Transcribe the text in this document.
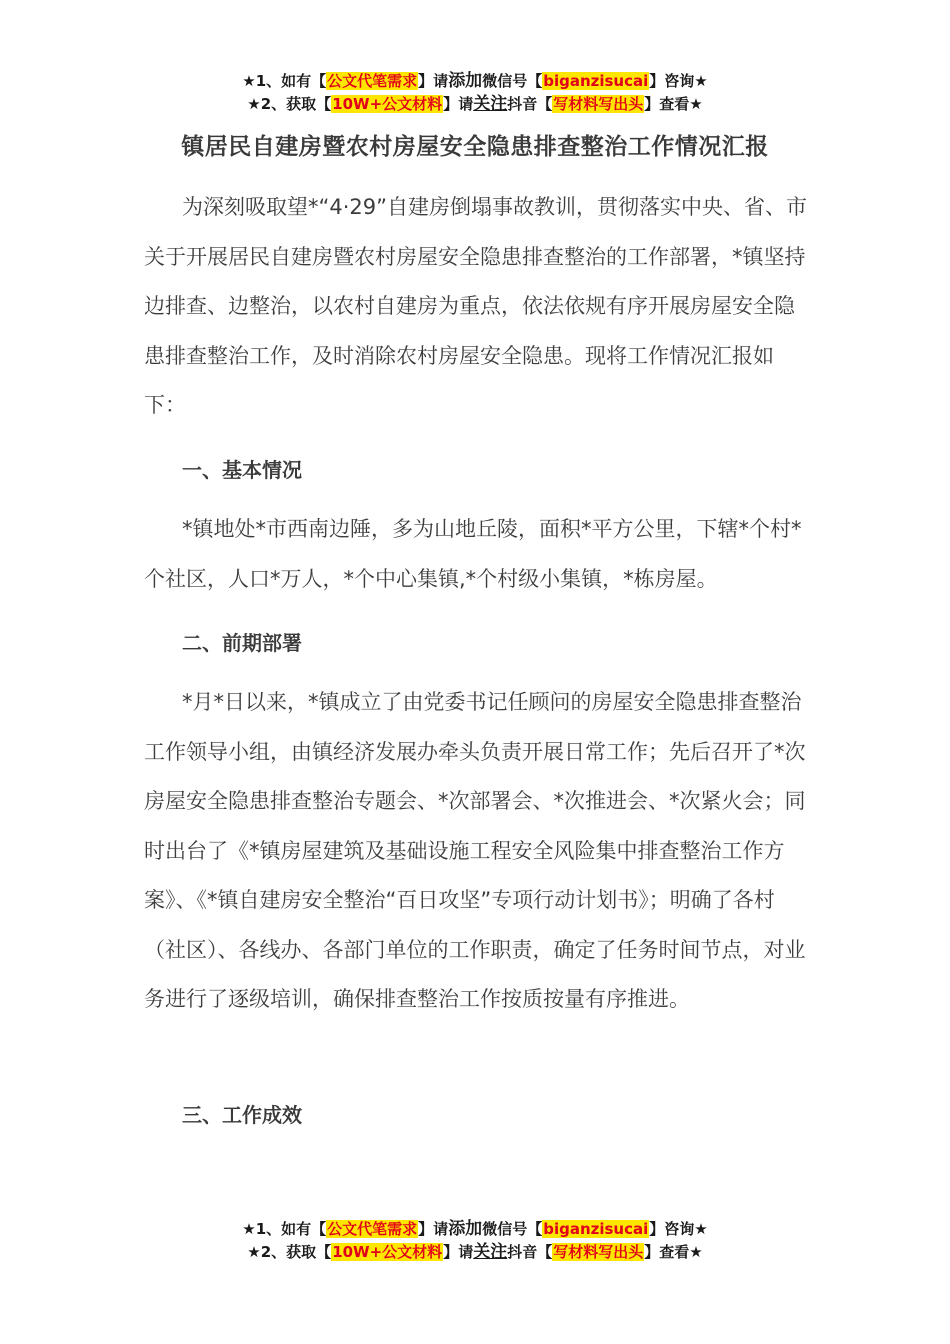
★1、如有【公文代笔需求】请添加微信号【biganzisucai】咨询★
★2、获取【10W+公文材料】请关注抖音【写材料写出头】查看★
镇居民自建房暨农村房屋安全隐患排查整治工作情况汇报

为深刻吸取望*“4·29”自建房倒塌事故教训，贯彻落实中央、省、市关于开展居民自建房暨农村房屋安全隐患排查整治的工作部署，*镇坚持边排查、边整治，以农村自建房为重点，依法依规有序开展房屋安全隐患排查整治工作，及时消除农村房屋安全隐患。现将工作情况汇报如下：

一、基本情况

*镇地处*市西南边陲，多为山地丘陵，面积*平方公里，下辖*个村*个社区，人口*万人，*个中心集镇,*个村级小集镇，*栋房屋。

二、前期部署

*月*日以来，*镇成立了由党委书记任顾问的房屋安全隐患排查整治工作领导小组，由镇经济发展办牵头负责开展日常工作；先后召开了*次房屋安全隐患排查整治专题会、*次部署会、*次推进会、*次紧火会；同时出台了《*镇房屋建筑及基础设施工程安全风险集中排查整治工作方案》、《*镇自建房安全整治“百日攻坚”专项行动计划书》；明确了各村（社区）、各线办、各部门单位的工作职责，确定了任务时间节点，对业务进行了逐级培训，确保排查整治工作按质按量有序推进。

三、工作成效

★1、如有【公文代笔需求】请添加微信号【biganzisucai】咨询★
★2、获取【10W+公文材料】请关注抖音【写材料写出头】查看★
